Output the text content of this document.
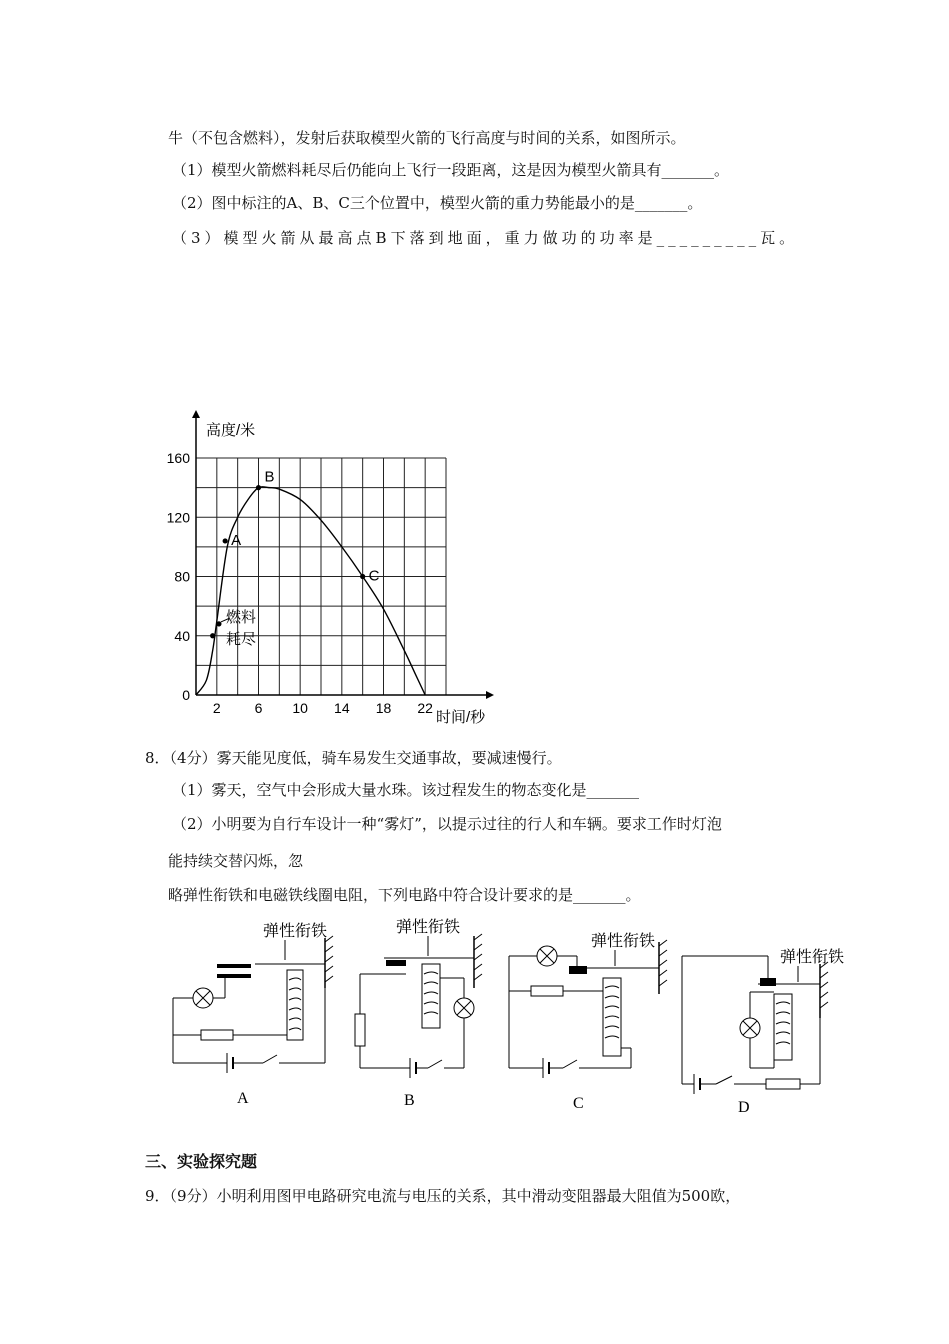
牛（不包含燃料），发射后获取模型火箭的飞行高度与时间的关系，如图所示。
（1）模型火箭燃料耗尽后仍能向上飞行一段距离，这是因为模型火箭具有_______。
（2）图中标注的A、B、C三个位置中，模型火箭的重力势能最小的是_______。
（3）模型火箭从最高点B下落到地面，重力做功的功率是_________瓦。
2 6 10 14 18 22
0
40
80
120
160
B
A
C
高度/米
时间/秒
燃料
耗尽
8．（4分）雾天能见度低，骑车易发生交通事故，要减速慢行。
（1）雾天，空气中会形成大量水珠。该过程发生的物态变化是_______
（2）小明要为自行车设计一种“雾灯”，以提示过往的行人和车辆。要求工作时灯泡
能持续交替闪烁，忽
略弹性衔铁和电磁铁线圈电阻，下列电路中符合设计要求的是_______。
弹性衔铁
A
弹性衔铁
B
弹性衔铁
C
弹性衔铁
D
三、实验探究题
9．（9分）小明利用图甲电路研究电流与电压的关系，其中滑动变阻器最大阻值为500欧，
